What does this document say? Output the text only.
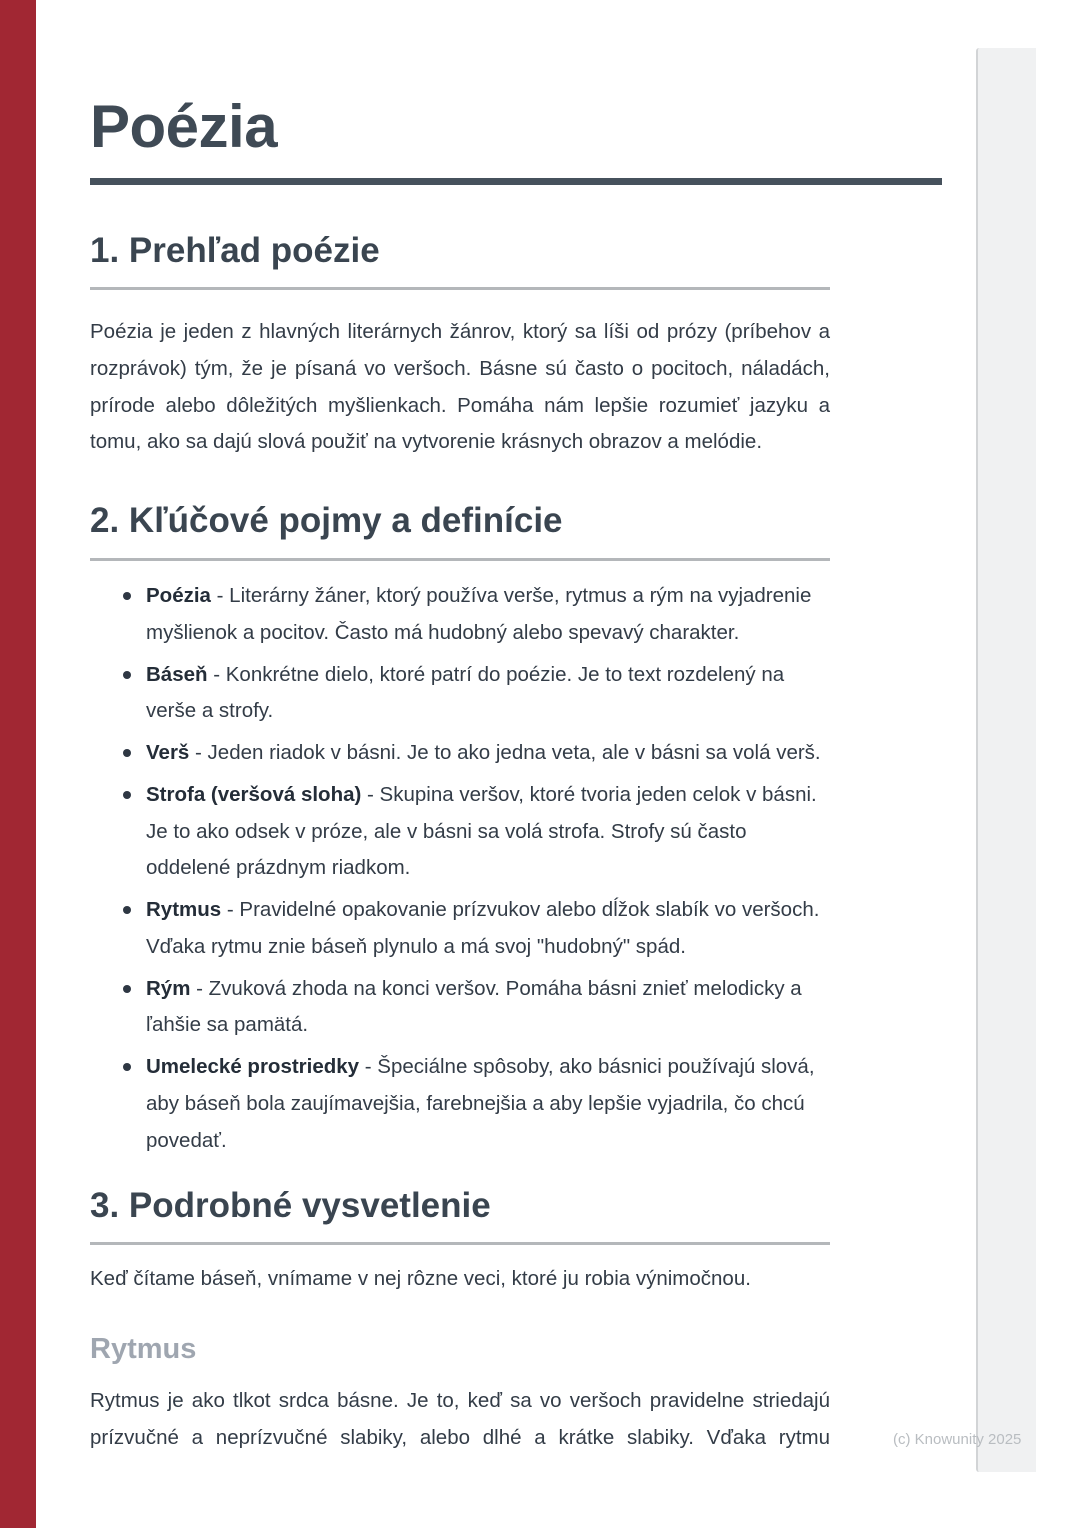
Poézia
1. Prehľad poézie
Poézia je jeden z hlavných literárnych žánrov, ktorý sa líši od prózy (príbehov a rozprávok) tým, že je písaná vo veršoch. Básne sú často o pocitoch, náladách, prírode alebo dôležitých myšlienkach. Pomáha nám lepšie rozumieť jazyku a tomu, ako sa dajú slová použiť na vytvorenie krásnych obrazov a melódie.
2. Kľúčové pojmy a definície
Poézia - Literárny žáner, ktorý používa verše, rytmus a rým na vyjadrenie myšlienok a pocitov. Často má hudobný alebo spevavý charakter.
Báseň - Konkrétne dielo, ktoré patrí do poézie. Je to text rozdelený na verše a strofy.
Verš - Jeden riadok v básni. Je to ako jedna veta, ale v básni sa volá verš.
Strofa (veršová sloha) - Skupina veršov, ktoré tvoria jeden celok v básni. Je to ako odsek v próze, ale v básni sa volá strofa. Strofy sú často oddelené prázdnym riadkom.
Rytmus - Pravidelné opakovanie prízvukov alebo dĺžok slabík vo veršoch. Vďaka rytmu znie báseň plynulo a má svoj "hudobný" spád.
Rým - Zvuková zhoda na konci veršov. Pomáha básni znieť melodicky a ľahšie sa pamätá.
Umelecké prostriedky - Špeciálne spôsoby, ako básnici používajú slová, aby báseň bola zaujímavejšia, farebnejšia a aby lepšie vyjadrila, čo chcú povedať.
3. Podrobné vysvetlenie
Keď čítame báseň, vnímame v nej rôzne veci, ktoré ju robia výnimočnou.
Rytmus
Rytmus je ako tlkot srdca básne. Je to, keď sa vo veršoch pravidelne striedajú prízvučné a neprízvučné slabiky, alebo dlhé a krátke slabiky. Vďaka rytmu	(c) Knowunity 2025
